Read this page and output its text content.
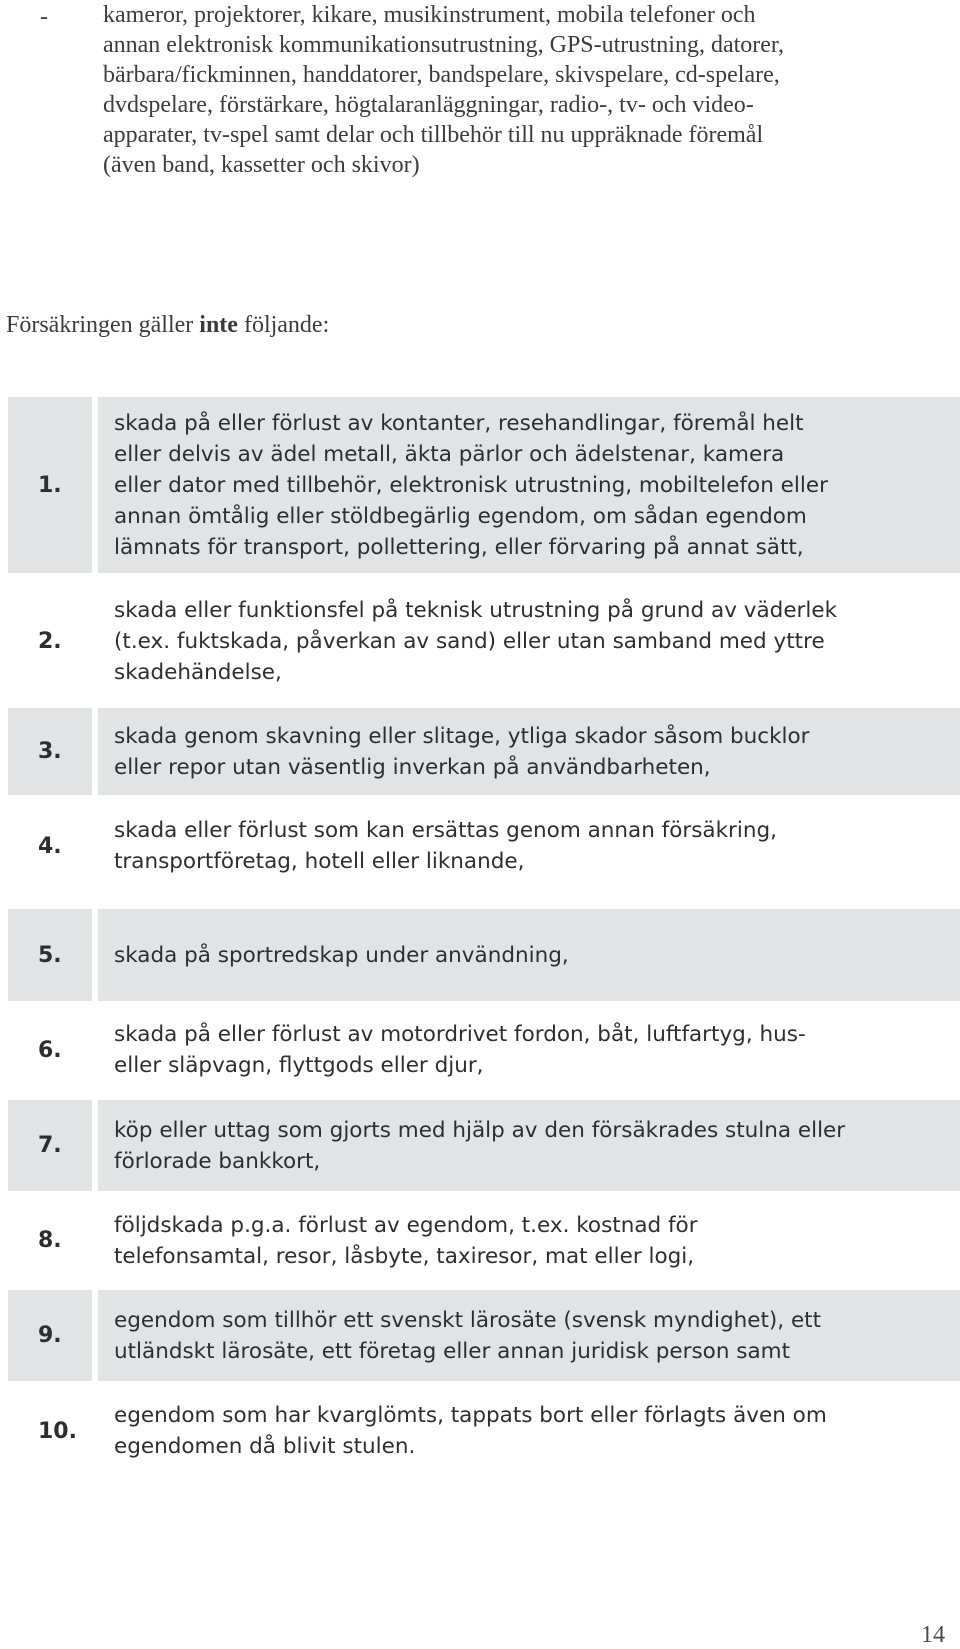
- kameror, projektorer, kikare, musikinstrument, mobila telefoner och
annan elektronisk kommunikationsutrustning, GPS-utrustning, datorer,
bärbara/fickminnen, handdatorer, bandspelare, skivspelare, cd-spelare,
dvdspelare, förstärkare, högtalaranläggningar, radio-, tv- och video-
apparater, tv-spel samt delar och tillbehör till nu uppräknade föremål
(även band, kassetter och skivor)

Försäkringen gäller inte följande:

1.
skada på eller förlust av kontanter, resehandlingar, föremål helt
eller delvis av ädel metall, äkta pärlor och ädelstenar, kamera
eller dator med tillbehör, elektronisk utrustning, mobiltelefon eller
annan ömtålig eller stöldbegärlig egendom, om sådan egendom
lämnats för transport, pollettering, eller förvaring på annat sätt,
2.
skada eller funktionsfel på teknisk utrustning på grund av väderlek
(t.ex. fuktskada, påverkan av sand) eller utan samband med yttre
skadehändelse,
3.
skada genom skavning eller slitage, ytliga skador såsom bucklor
eller repor utan väsentlig inverkan på användbarheten,
4.
skada eller förlust som kan ersättas genom annan försäkring,
transportföretag, hotell eller liknande,
5.	skada på sportredskap under användning,
6.
skada på eller förlust av motordrivet fordon, båt, luftfartyg, hus-
eller släpvagn, flyttgods eller djur,
7.
köp eller uttag som gjorts med hjälp av den försäkrades stulna eller
förlorade bankkort,
8.
följdskada p.g.a. förlust av egendom, t.ex. kostnad för
telefonsamtal, resor, låsbyte, taxiresor, mat eller logi,
9.
egendom som tillhör ett svenskt lärosäte (svensk myndighet), ett
utländskt lärosäte, ett företag eller annan juridisk person samt
10.
egendom som har kvarglömts, tappats bort eller förlagts även om
egendomen då blivit stulen.
14
